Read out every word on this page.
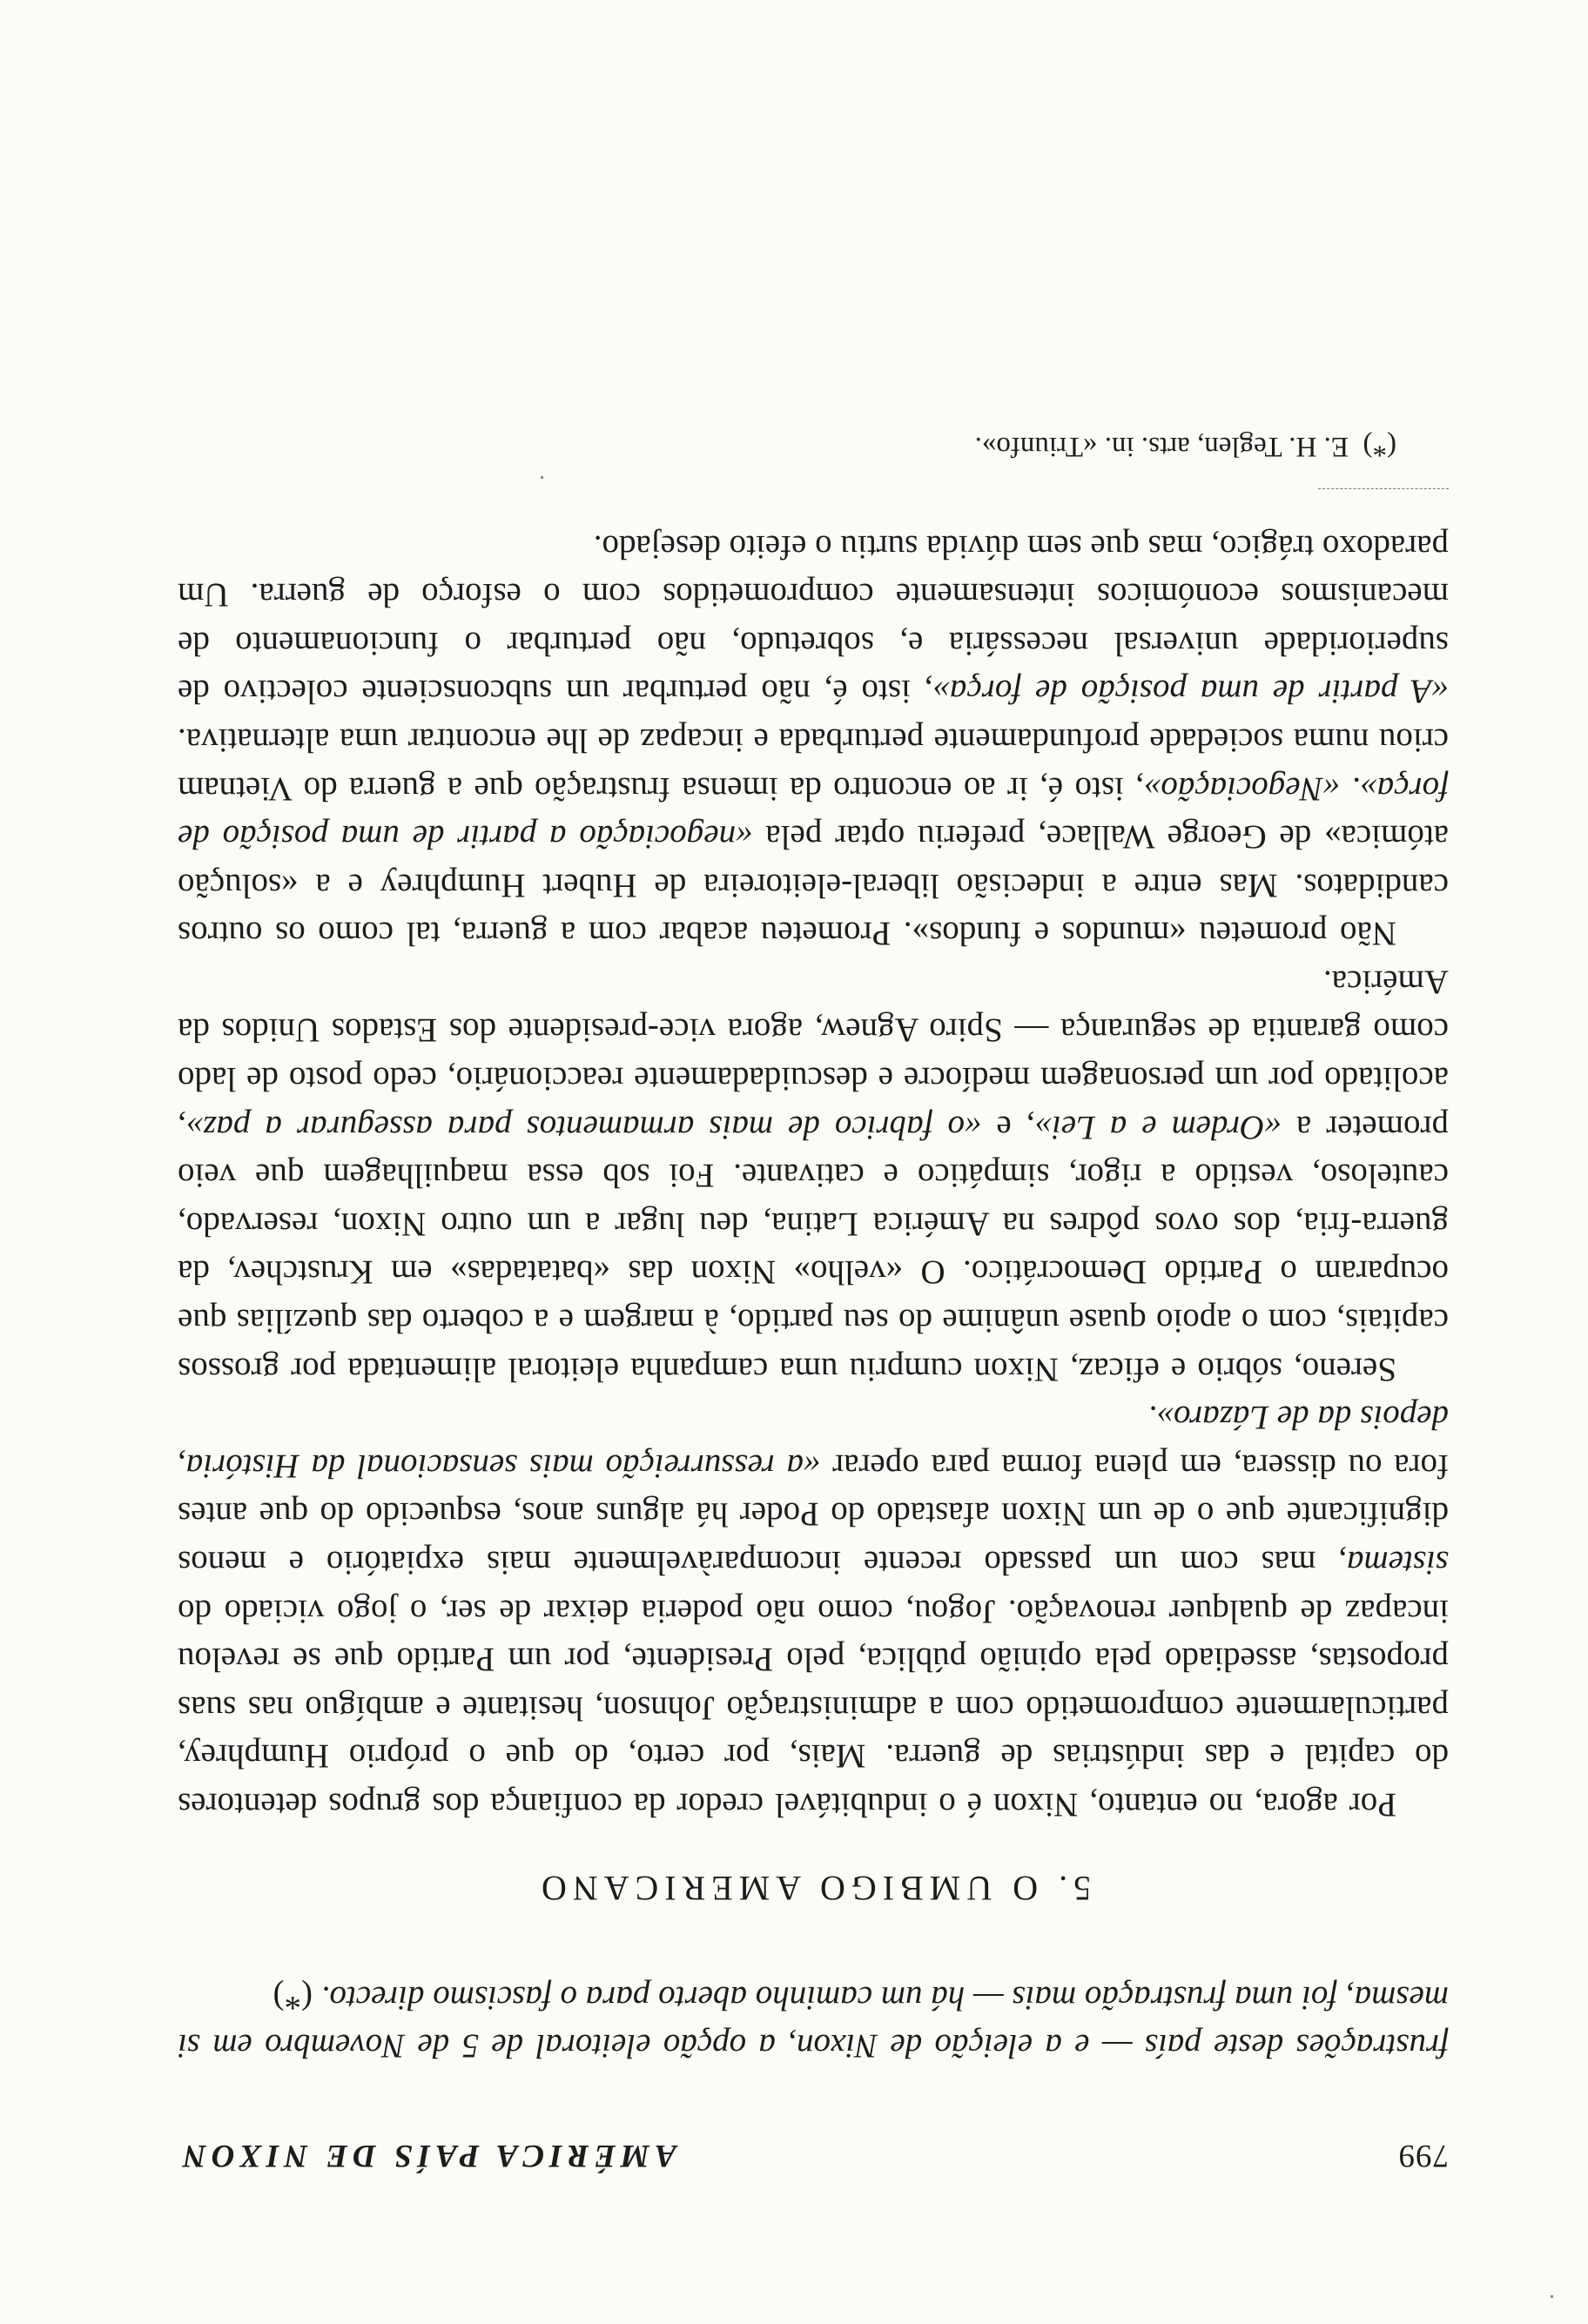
799
AMÉRICA PAÍS DE NIXON

frustrações deste país — e a eleição de Nixon, a opção eleitoral de 5 de Novembro em si mesma, foi uma frustração mais — há um caminho aberto para o fascismo directo. (*)

5. O UMBIGO AMERICANO

Por agora, no entanto, Nixon é o indubitável credor da confiança dos grupos detentores do capital e das indústrias de guerra. Mais, por certo, do que o próprio Humphrey, particularmente comprometido com a administração Johnson, hesitante e ambíguo nas suas propostas, assediado pela opinião pública, pelo Presidente, por um Partido que se revelou incapaz de qualquer renovação. Jogou, como não poderia deixar de ser, o jogo viciado do sistema, mas com um passado recente incomparàvelmente mais expiatório e menos dignificante que o de um Nixon afastado do Poder há alguns anos, esquecido do que antes fora ou dissera, em plena forma para operar «a ressurreição mais sensacional da História, depois da de Lázaro».

Sereno, sóbrio e eficaz, Nixon cumpriu uma campanha eleitoral alimentada por grossos capitais, com o apoio quase unânime do seu partido, à margem e a coberto das quezílias que ocuparam o Partido Democrático. O «velho» Nixon das «batatadas» em Krustchev, da guerra-fria, dos ovos pôdres na América Latina, deu lugar a um outro Nixon, reservado, cauteloso, vestido a rigor, simpático e cativante. Foi sob essa maquilhagem que veio prometer a «Ordem e a Lei», e «o fabrico de mais armamentos para assegurar a paz», acolitado por um personagem medíocre e descuidadamente reaccionário, cedo posto de lado como garantia de segurança — Spiro Agnew, agora vice-presidente dos Estados Unidos da América.

Não prometeu «mundos e fundos». Prometeu acabar com a guerra, tal como os outros candidatos. Mas entre a indecisão liberal-eleitoreira de Hubert Humphrey e a «solução atómica» de George Wallace, preferiu optar pela «negociação a partir de uma posição de força». «Negociação», isto é, ir ao encontro da imensa frustração que a guerra do Vietnam criou numa sociedade profundamente perturbada e incapaz de lhe encontrar uma alternativa. «A partir de uma posição de força», isto é, não perturbar um subconsciente colectivo de superioridade universal necessária e, sobretudo, não perturbar o funcionamento de mecanismos económicos intensamente comprometidos com o esforço de guerra. Um paradoxo trágico, mas que sem dúvida surtiu o efeito desejado.

(*)  E. H. Teglen, arts. in. «Triunfo».
